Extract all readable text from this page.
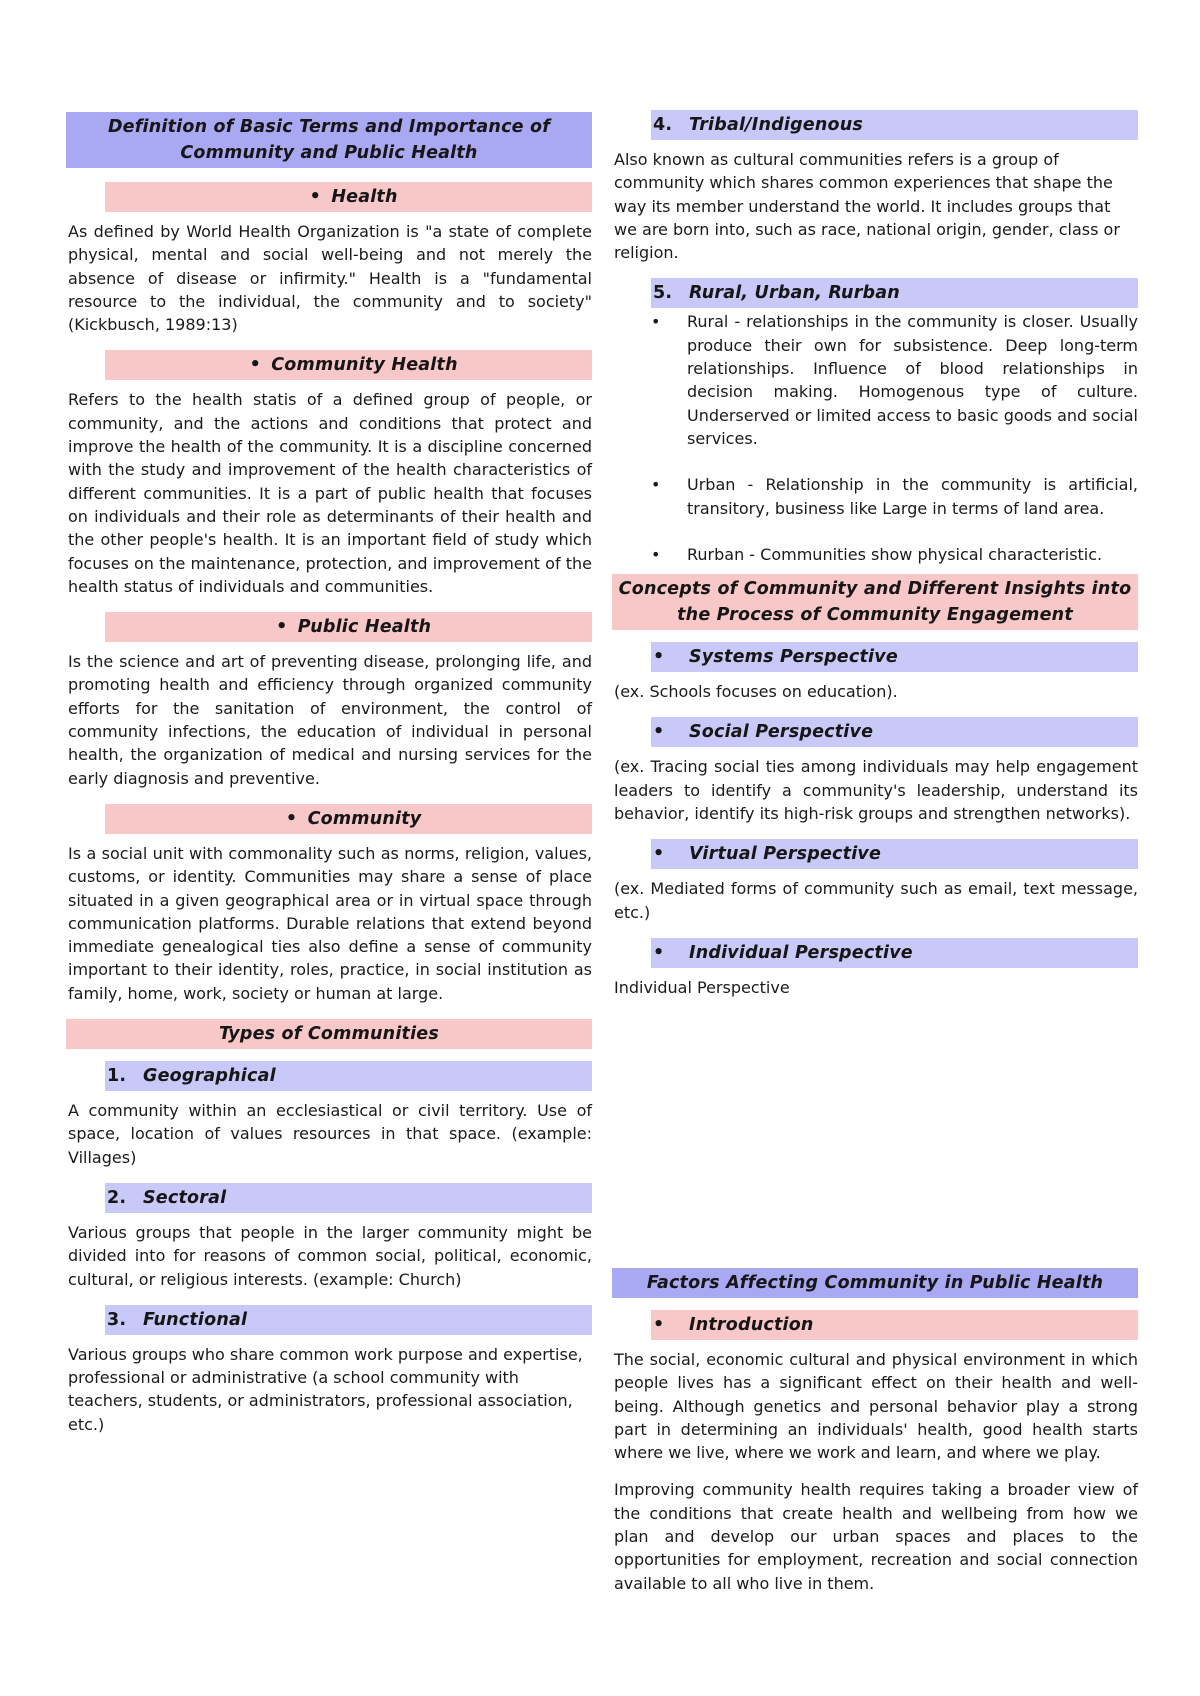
Definition of Basic Terms and Importance of Community and Public Health
• Health

As defined by World Health Organization is "a state of complete physical, mental and social well-being and not merely the absence of disease or infirmity." Health is a "fundamental resource to the individual, the community and to society" (Kickbusch, 1989:13)

• Community Health

Refers to the health statis of a defined group of people, or community, and the actions and conditions that protect and improve the health of the community. It is a discipline concerned with the study and improvement of the health characteristics of different communities. It is a part of public health that focuses on individuals and their role as determinants of their health and the other people's health. It is an important field of study which focuses on the maintenance, protection, and improvement of the health status of individuals and communities.

• Public Health

Is the science and art of preventing disease, prolonging life, and promoting health and efficiency through organized community efforts for the sanitation of environment, the control of community infections, the education of individual in personal health, the organization of medical and nursing services for the early diagnosis and preventive.

• Community

Is a social unit with commonality such as norms, religion, values, customs, or identity. Communities may share a sense of place situated in a given geographical area or in virtual space through communication platforms. Durable relations that extend beyond immediate genealogical ties also define a sense of community important to their identity, roles, practice, in social institution as family, home, work, society or human at large.

Types of Communities
1. Geographical

A community within an ecclesiastical or civil territory. Use of space, location of values resources in that space. (example: Villages)

2. Sectoral

Various groups that people in the larger community might be divided into for reasons of common social, political, economic, cultural, or religious interests. (example: Church)

3. Functional

Various groups who share common work purpose and expertise, professional or administrative (a school community with teachers, students, or administrators, professional association, etc.)

4. Tribal/Indigenous

Also known as cultural communities refers is a group of community which shares common experiences that shape the way its member understand the world. It includes groups that we are born into, such as race, national origin, gender, class or religion.

5. Rural, Urban, Rurban
• Rural - relationships in the community is closer. Usually produce their own for subsistence. Deep long-term relationships. Influence of blood relationships in decision making. Homogenous type of culture. Underserved or limited access to basic goods and social services.
• Urban - Relationship in the community is artificial, transitory, business like Large in terms of land area.
• Rurban - Communities show physical characteristic.
Concepts of Community and Different Insights into the Process of Community Engagement
• Systems Perspective

(ex. Schools focuses on education).

• Social Perspective

(ex. Tracing social ties among individuals may help engagement leaders to identify a community's leadership, understand its behavior, identify its high-risk groups and strengthen networks).

• Virtual Perspective

(ex. Mediated forms of community such as email, text message, etc.)

• Individual Perspective

Individual Perspective

Factors Affecting Community in Public Health
• Introduction

The social, economic cultural and physical environment in which people lives has a significant effect on their health and well-being. Although genetics and personal behavior play a strong part in determining an individuals' health, good health starts where we live, where we work and learn, and where we play.

Improving community health requires taking a broader view of the conditions that create health and wellbeing from how we plan and develop our urban spaces and places to the opportunities for employment, recreation and social connection available to all who live in them.
